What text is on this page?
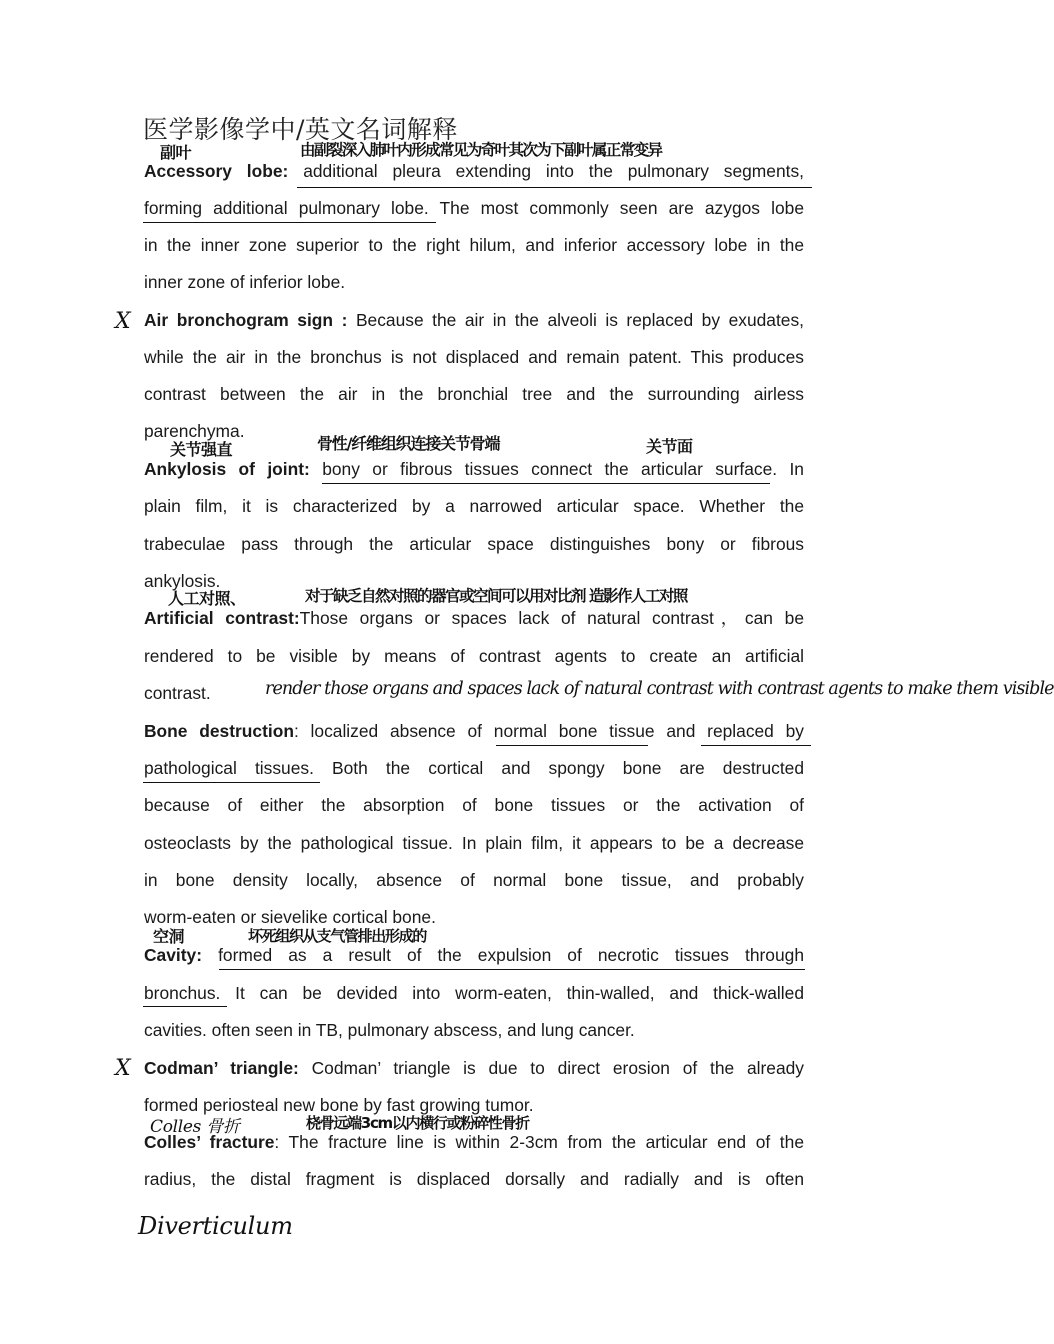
医学影像学中/英文名词解释
副叶	由副裂深入肺叶内形成常见为奇叶其次为下副叶属正常变异
Accessory lobe: additional pleura extending into the pulmonary segments,
forming additional pulmonary lobe. The most commonly seen are azygos lobe
in the inner zone superior to the right hilum, and inferior accessory lobe in the
inner zone of inferior lobe.
X Air bronchogram sign : Because the air in the alveoli is replaced by exudates,
while the air in the bronchus is not displaced and remain patent. This produces
contrast between the air in the bronchial tree and the surrounding airless
parenchyma.
关节强直	骨性/纤维组织连接关节骨端	关节面
Ankylosis of joint: bony or fibrous tissues connect the articular surface. In
plain film, it is characterized by a narrowed articular space. Whether the
trabeculae pass through the articular space distinguishes bony or fibrous
ankylosis.
人工对照、	对于缺乏自然对照的器官或空间可以用对比剂 造影作人工对照
Artificial contrast:Those organs or spaces lack of natural contrast，can be
rendered to be visible by means of contrast agents to create an artificial
contrast.	render those organs and spaces lack of natural contrast with contrast agents to make them visible
Bone destruction: localized absence of normal bone tissue and replaced by
pathological tissues. Both the cortical and spongy bone are destructed
because of either the absorption of bone tissues or the activation of
osteoclasts by the pathological tissue. In plain film, it appears to be a decrease
in bone density locally, absence of normal bone tissue, and probably
worm-eaten or sievelike cortical bone.
空洞	坏死组织从支气管排出形成的
Cavity: formed as a result of the expulsion of necrotic tissues through
bronchus. It can be devided into worm-eaten, thin-walled, and thick-walled
cavities. often seen in TB, pulmonary abscess, and lung cancer.
X Codman’ triangle: Codman’ triangle is due to direct erosion of the already
formed periosteal new bone by fast growing tumor.
Colles 骨折	桡骨远端3cm以内横行或粉碎性骨折
Colles’ fracture: The fracture line is within 2-3cm from the articular end of the
radius, the distal fragment is displaced dorsally and radially and is often
Diverticulum
